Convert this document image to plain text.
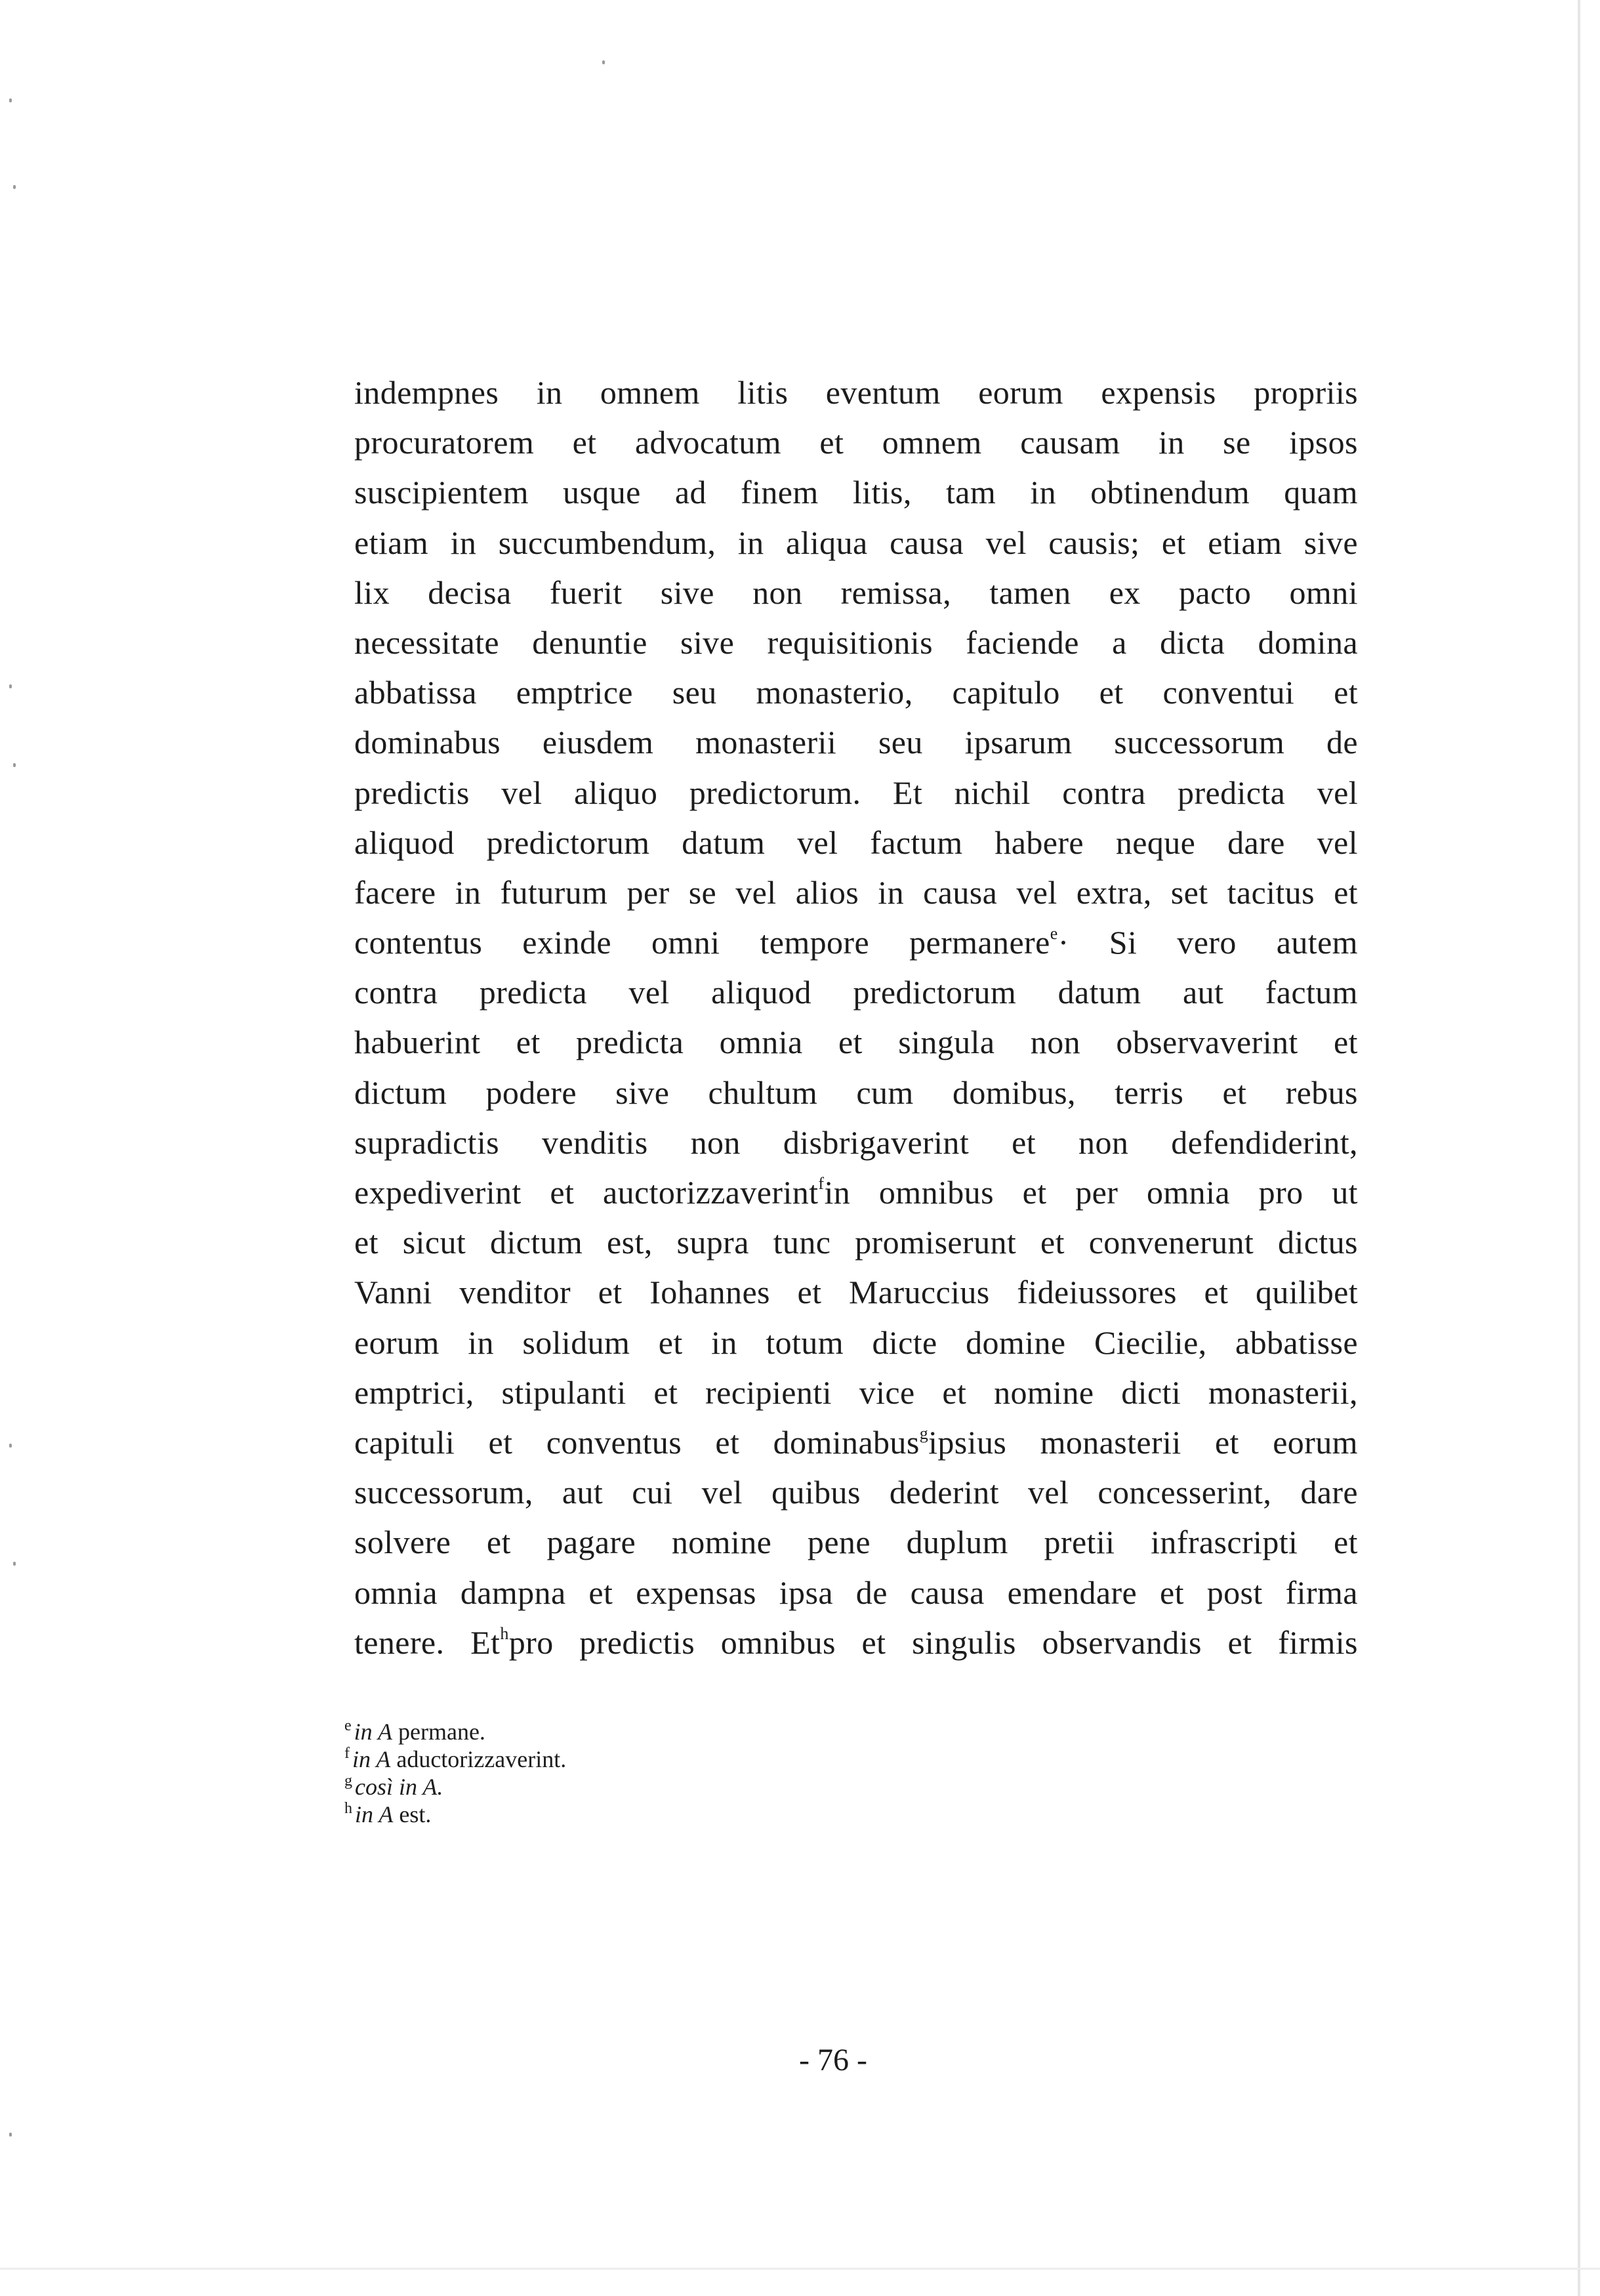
indempnes in omnem litis eventum eorum expensis propriis
procuratorem et advocatum et omnem causam in se ipsos
suscipientem usque ad finem litis, tam in obtinendum quam
etiam in succumbendum, in aliqua causa vel causis; et etiam sive
lix decisa fuerit sive non remissa, tamen ex pacto omni
necessitate denuntie sive requisitionis faciende a dicta domina
abbatissa emptrice seu monasterio, capitulo et conventui et
dominabus eiusdem monasterii seu ipsarum successorum de
predictis vel aliquo predictorum. Et nichil contra predicta vel
aliquod predictorum datum vel factum habere neque dare vel
facere in futurum per se vel alios in causa vel extra, set tacitus et
contentus exinde omni tempore permanere$^e$· Si vero autem
contra predicta vel aliquod predictorum datum aut factum
habuerint et predicta omnia et singula non observaverint et
dictum podere sive chultum cum domibus, terris et rebus
supradictis venditis non disbrigaverint et non defendiderint,
expediverint et auctorizzaverint$^f$in omnibus et per omnia pro ut
et sicut dictum est, supra tunc promiserunt et convenerunt dictus
Vanni venditor et Iohannes et Maruccius fideiussores et quilibet
eorum in solidum et in totum dicte domine Ciecilie, abbatisse
emptrici, stipulanti et recipienti vice et nomine dicti monasterii,
capituli et conventus et dominabus$^g$ipsius monasterii et eorum
successorum, aut cui vel quibus dederint vel concesserint, dare
solvere et pagare nomine pene duplum pretii infrascripti et
omnia dampna et expensas ipsa de causa emendare et post firma
tenere. Et$^h$pro predictis omnibus et singulis observandis et firmis
$^e$ in A permane.
$^f$ in A aductorizzaverint.
$^g$ così in A.
$^h$ in A est.
- 76 -
